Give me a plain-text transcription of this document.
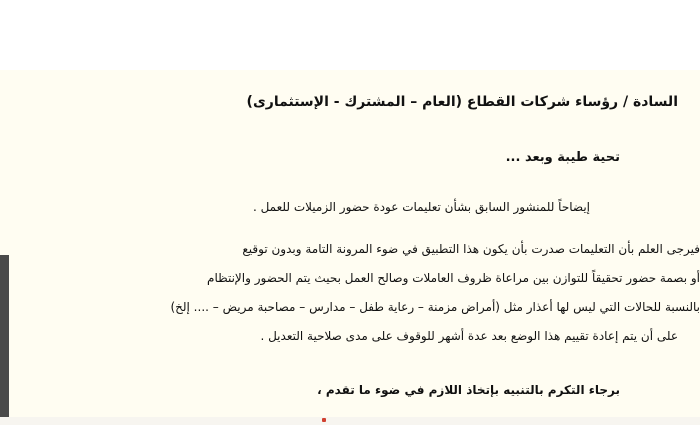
السادة / رؤساء شركات القطاع (العام – المشترك - الإستثمارى)
تحية طيبة وبعد ...
إيضاحاً للمنشور السابق بشأن تعليمات عودة حضور الزميلات للعمل .
فيرجى العلم بأن التعليمات صدرت بأن يكون هذا التطبيق في ضوء المرونة التامة وبدون توقيع
أو بصمة حضور تحقيقاً للتوازن بين مراعاة ظروف العاملات وصالح العمل بحيث يتم الحضور والإنتظام
بالنسبة للحالات التي ليس لها أعذار مثل (أمراض مزمنة – رعاية طفل – مدارس – مصاحبة مريض – .... إلخ)
على أن يتم إعادة تقييم هذا الوضع بعد عدة أشهر للوقوف على مدى صلاحية التعديل .
برجاء التكرم بالتنبيه بإتخاذ اللازم في ضوء ما تقدم ،
